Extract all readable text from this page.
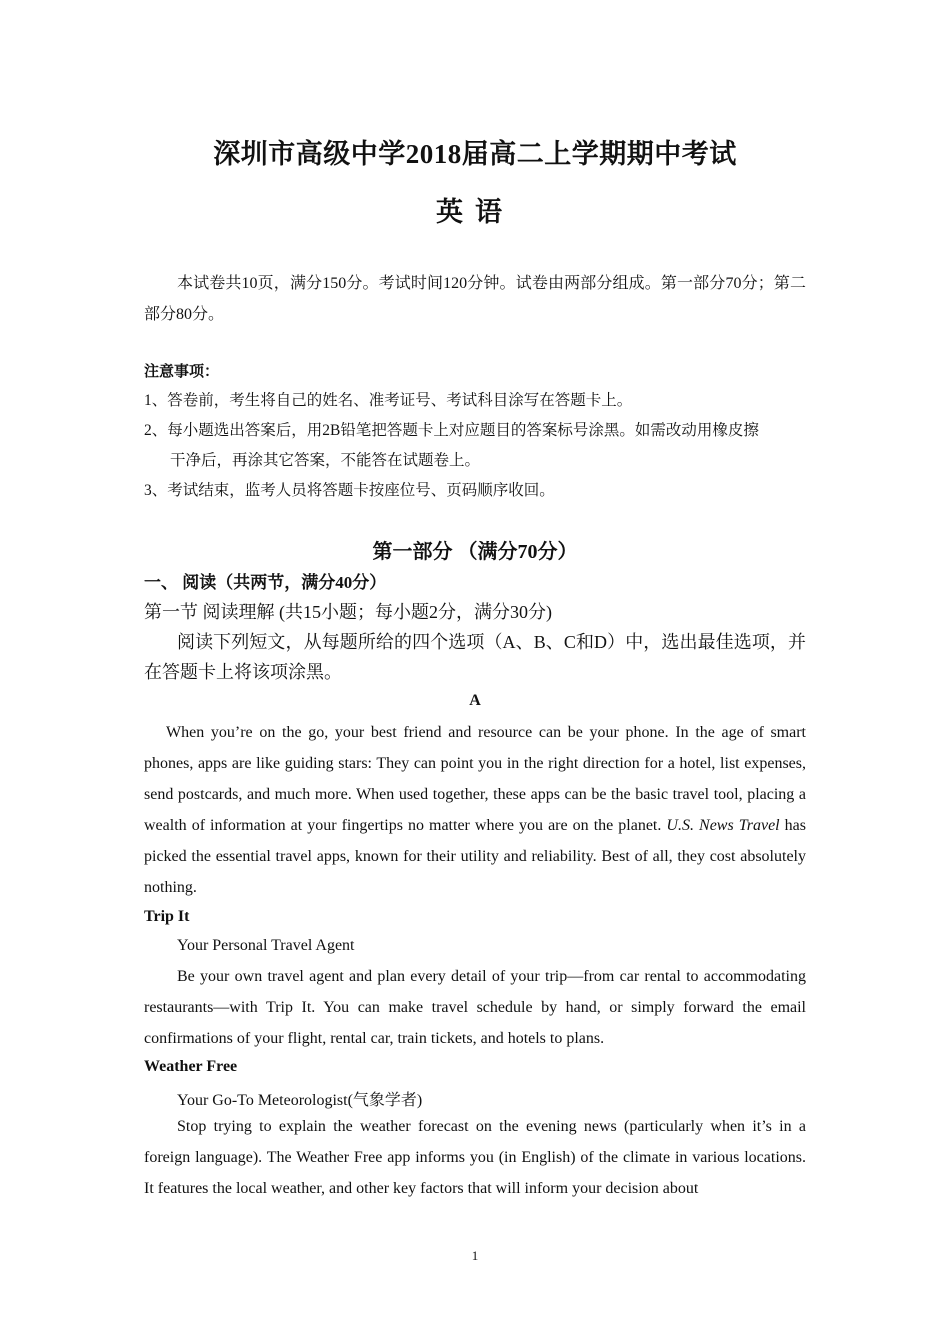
深圳市高级中学2018届高二上学期期中考试
英语
本试卷共10页，满分150分。考试时间120分钟。试卷由两部分组成。第一部分70分；第二部分80分。
注意事项：
1、答卷前，考生将自己的姓名、准考证号、考试科目涂写在答题卡上。
2、每小题选出答案后，用2B铅笔把答题卡上对应题目的答案标号涂黑。如需改动用橡皮擦
干净后，再涂其它答案，不能答在试题卷上。
3、考试结束，监考人员将答题卡按座位号、页码顺序收回。
第一部分 （满分70分）
一、 阅读（共两节，满分40分）
第一节 阅读理解 (共15小题；每小题2分，满分30分)
阅读下列短文，从每题所给的四个选项（A、B、C和D）中，选出最佳选项，并在答题卡上将该项涂黑。
A
When you’re on the go, your best friend and resource can be your phone. In the age of smart phones, apps are like guiding stars: They can point you in the right direction for a hotel, list expenses, send postcards, and much more. When used together, these apps can be the basic travel tool, placing a wealth of information at your fingertips no matter where you are on the planet. U.S. News Travel has picked the essential travel apps, known for their utility and reliability. Best of all, they cost absolutely nothing.
Trip It
Your Personal Travel Agent
Be your own travel agent and plan every detail of your trip—from car rental to accommodating restaurants—with Trip It. You can make travel schedule by hand, or simply forward the email confirmations of your flight, rental car, train tickets, and hotels to plans.
Weather Free
Your Go-To Meteorologist(气象学者)
Stop trying to explain the weather forecast on the evening news (particularly when it’s in a foreign language). The Weather Free app informs you (in English) of the climate in various locations. It features the local weather, and other key factors that will inform your decision about
1
